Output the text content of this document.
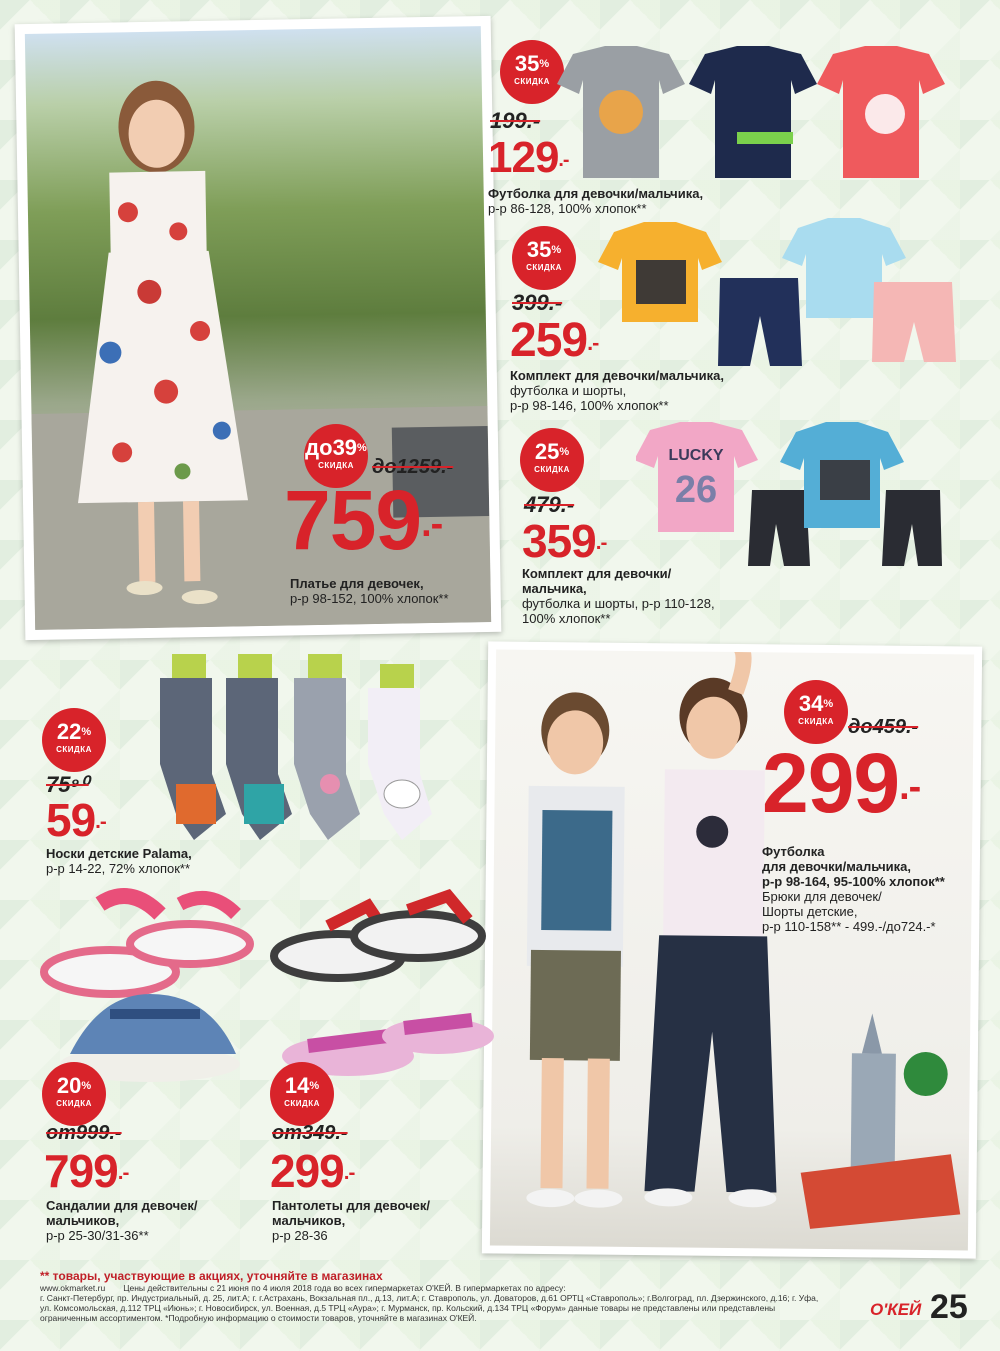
до39%
СКИДКА до1259.-
759.-
Платье для девочек,
р-р 98-152, 100% хлопок**
35%
СКИДКА
199.-
129.-
Футболка для девочки/мальчика,
р-р 86-128, 100% хлопок**
35%
СКИДКА
399.-
259.-
Комплект для девочки/мальчика,
футболка и шорты,
р-р 98-146, 100% хлопок**
25%
СКИДКА
LUCKY
26
479.-
359.-
Комплект для девочки/
мальчика,
футболка и шорты, р-р 110-128,
100% хлопок**
22%
СКИДКА
75⁹⁰
59.-
Носки детские Palama,
р-р 14-22, 72% хлопок**
34%
СКИДКА до459.-
299.-
Футболка
для девочки/мальчика,
р-р 98-164, 95-100% хлопок**
Брюки для девочек/
Шорты детские,
р-р 110-158** - 499.-/до724.-*
20%
СКИДКА
от999.-
799.-
Сандалии для девочек/
мальчиков,
р-р 25-30/31-36**
14%
СКИДКА
от349.-
299.-
Пантолеты для девочек/
мальчиков,
р-р 28-36
** товары, участвующие в акциях, уточняйте в магазинах
www.okmarket.ru Цены действительны с 21 июня по 4 июля 2018 года во всех гипермаркетах О'КЕЙ. В гипермаркетах по адресу:
г. Санкт-Петербург, пр. Индустриальный, д. 25, лит.А; г. г.Астрахань, Вокзальная пл., д.13, лит.А; г. Ставрополь, ул. Доваторов, д.61 ОРТЦ «Ставрополь»; г.Волгоград, пл. Дзержинского, д.16; г. Уфа,
ул. Комсомольская, д.112 ТРЦ «Июнь»; г. Новосибирск, ул. Военная, д.5 ТРЦ «Аура»; г. Мурманск, пр. Кольский, д.134 ТРЦ «Форум» данные товары не представлены или представлены
ограниченным ассортиментом. *Подробную информацию о стоимости товаров, уточняйте в магазинах О'КЕЙ.	О'КЕЙ 25
